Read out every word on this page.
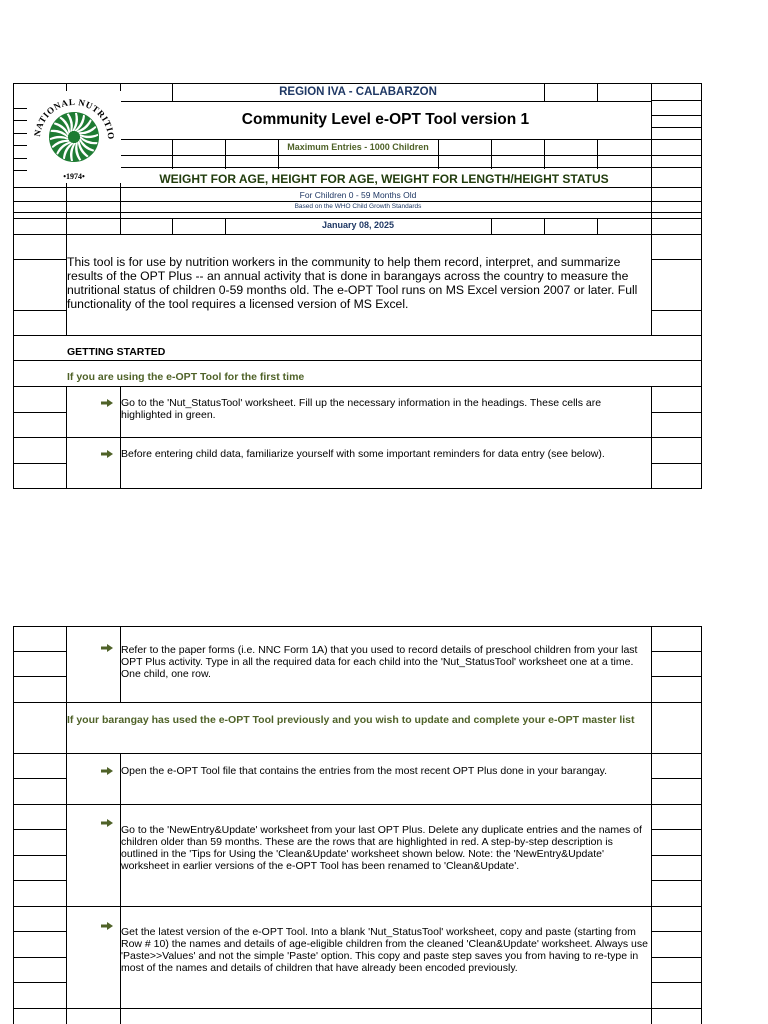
REGION IVA - CALABARZON
Community Level e-OPT Tool version 1
Maximum Entries - 1000 Children
WEIGHT FOR AGE, HEIGHT FOR AGE, WEIGHT FOR LENGTH/HEIGHT STATUS
For Children 0 - 59 Months Old
Based on the WHO Child Growth Standards
January 08, 2025
NATIONAL NUTRITIO
•1974•
This tool is for use by nutrition workers in the community to help them record, interpret, and summarize results of the OPT Plus -- an annual activity that is done in barangays across the country to measure the nutritional status of children 0-59 months old. The e-OPT Tool runs on MS Excel version 2007 or later. Full functionality of the tool requires a licensed version of MS Excel.
GETTING STARTED
If you are using the e-OPT Tool for the first time
Go to the 'Nut_StatusTool' worksheet. Fill up the necessary information in the headings. These cells are highlighted in green.
Before entering child data, familiarize yourself with some important reminders for data entry (see below).
Refer to the paper forms (i.e. NNC Form 1A) that you used to record details of preschool children from your last OPT Plus activity. Type in all the required data for each child into the 'Nut_StatusTool' worksheet one at a time. One child, one row.
If your barangay has used the e-OPT Tool previously and you wish to update and complete your e-OPT master list
Open the e-OPT Tool file that contains the entries from the most recent OPT Plus done in your barangay.
Go to the 'NewEntry&Update' worksheet from your last OPT Plus. Delete any duplicate entries and the names of children older than 59 months. These are the rows that are highlighted in red. A step-by-step description is outlined in the 'Tips for Using the 'Clean&Update' worksheet shown below. Note: the 'NewEntry&Update' worksheet in earlier versions of the e-OPT Tool has been renamed to 'Clean&Update'.
Get the latest version of the e-OPT Tool. Into a blank 'Nut_StatusTool' worksheet, copy and paste (starting from Row # 10) the names and details of age-eligible children from the cleaned 'Clean&Update' worksheet. Always use 'Paste>>Values' and not the simple 'Paste' option. This copy and paste step saves you from having to re-type in most of the names and details of children that have already been encoded previously.
